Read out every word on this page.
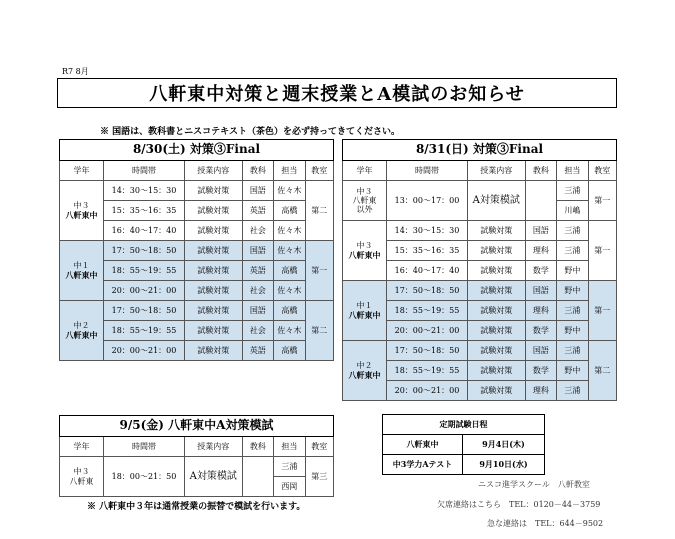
R7 8月
八軒東中対策と週末授業とA模試のお知らせ
※ 国語は、教科書とニスコテキスト（茶色）を必ず持ってきてください。
8/30(土) 対策③Final					
学年	時間帯	授業内容	教科	担当	教室

中３
八軒東中	14：30～15：30	試験対策	国語	佐々木	第二
	15：35～16：35	試験対策	英語	高橋	
	16：40～17：40	試験対策	社会	佐々木	

中１
八軒東中	17：50～18：50	試験対策	国語	佐々木	第一
	18：55～19：55	試験対策	英語	高橋	
	20：00～21：00	試験対策	社会	佐々木	

中２
八軒東中	17：50～18：50	試験対策	国語	高橋	第二
	18：55～19：55	試験対策	社会	佐々木	
	20：00～21：00	試験対策	英語	高橋	
8/31(日) 対策③Final					
学年	時間帯	授業内容	教科	担当	教室

中３
八軒東
以外	13：00～17：00	A対策模試		三浦	第一
				川嶋	

中３
八軒東中	14：30～15：30	試験対策	国語	三浦	第一
	15：35～16：35	試験対策	理科	三浦	
	16：40～17：40	試験対策	数学	野中	

中１
八軒東中	17：50～18：50	試験対策	国語	野中	第一
	18：55～19：55	試験対策	理科	三浦	
	20：00～21：00	試験対策	数学	野中	

中２
八軒東中	17：50～18：50	試験対策	国語	三浦	第二
	18：55～19：55	試験対策	数学	野中	
	20：00～21：00	試験対策	理科	三浦	
9/5(金) 八軒東中A対策模試					
学年	時間帯	授業内容	教科	担当	教室

中３
八軒東	18：00～21：50	A対策模試		三浦	第三
				西岡	
定期試験日程	
八軒東中	9月4日(木)
中3学力Aテスト	9月10日(水)
※ 八軒東中３年は通常授業の振替で模試を行います。
ニスコ進学スクール　八軒教室
欠席連絡はこちら　TEL：0120－44－3759
急な連絡は　TEL：644－9502
